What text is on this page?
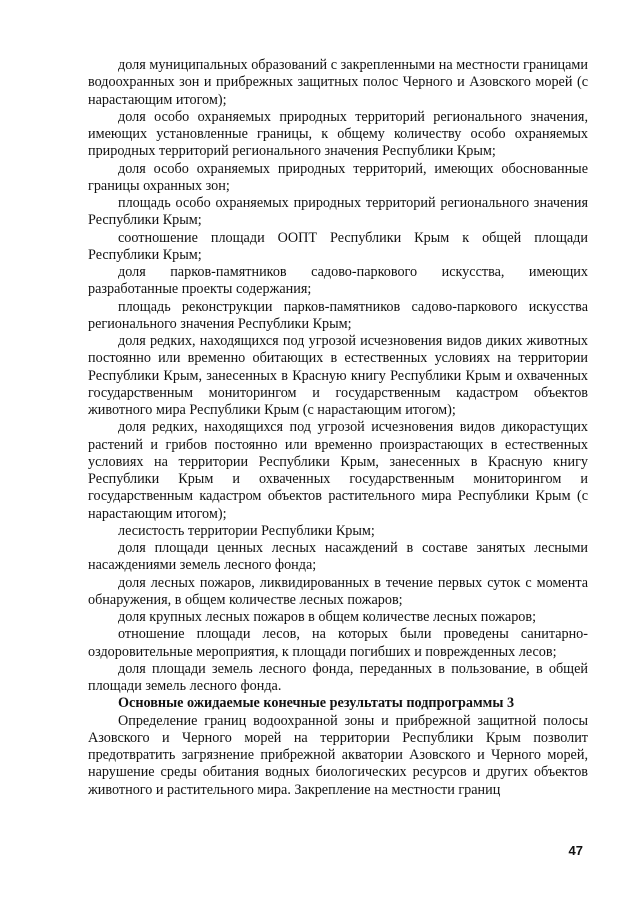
доля муниципальных образований с закрепленными на местности границами водоохранных зон и прибрежных защитных полос Черного и Азовского морей (с нарастающим итогом);

доля особо охраняемых природных территорий регионального значения, имеющих установленные границы, к общему количеству особо охраняемых природных территорий регионального значения Республики Крым;

доля особо охраняемых природных территорий, имеющих обоснованные границы охранных зон;

площадь особо охраняемых природных территорий регионального значения Республики Крым;

соотношение площади ООПТ Республики Крым к общей площади Республики Крым;

доля парков-памятников садово-паркового искусства, имеющих разработанные проекты содержания;

площадь реконструкции парков-памятников садово-паркового искусства регионального значения Республики Крым;

доля редких, находящихся под угрозой исчезновения видов диких животных постоянно или временно обитающих в естественных условиях на территории Республики Крым, занесенных в Красную книгу Республики Крым и охваченных государственным мониторингом и государственным кадастром объектов животного мира Республики Крым (с нарастающим итогом);

доля редких, находящихся под угрозой исчезновения видов дикорастущих растений и грибов постоянно или временно произрастающих в естественных условиях на территории Республики Крым, занесенных в Красную книгу Республики Крым и охваченных государственным мониторингом и государственным кадастром объектов растительного мира Республики Крым (с нарастающим итогом);

лесистость территории Республики Крым;

доля площади ценных лесных насаждений в составе занятых лесными насаждениями земель лесного фонда;

доля лесных пожаров, ликвидированных в течение первых суток с момента обнаружения, в общем количестве лесных пожаров;

доля крупных лесных пожаров в общем количестве лесных пожаров;

отношение площади лесов, на которых были проведены санитарно-оздоровительные мероприятия, к площади погибших и поврежденных лесов;

доля площади земель лесного фонда, переданных в пользование, в общей площади земель лесного фонда.

Основные ожидаемые конечные результаты подпрограммы 3

Определение границ водоохранной зоны и прибрежной защитной полосы Азовского и Черного морей на территории Республики Крым позволит предотвратить загрязнение прибрежной акватории Азовского и Черного морей, нарушение среды обитания водных биологических ресурсов и других объектов животного и растительного мира. Закрепление на местности границ

47
